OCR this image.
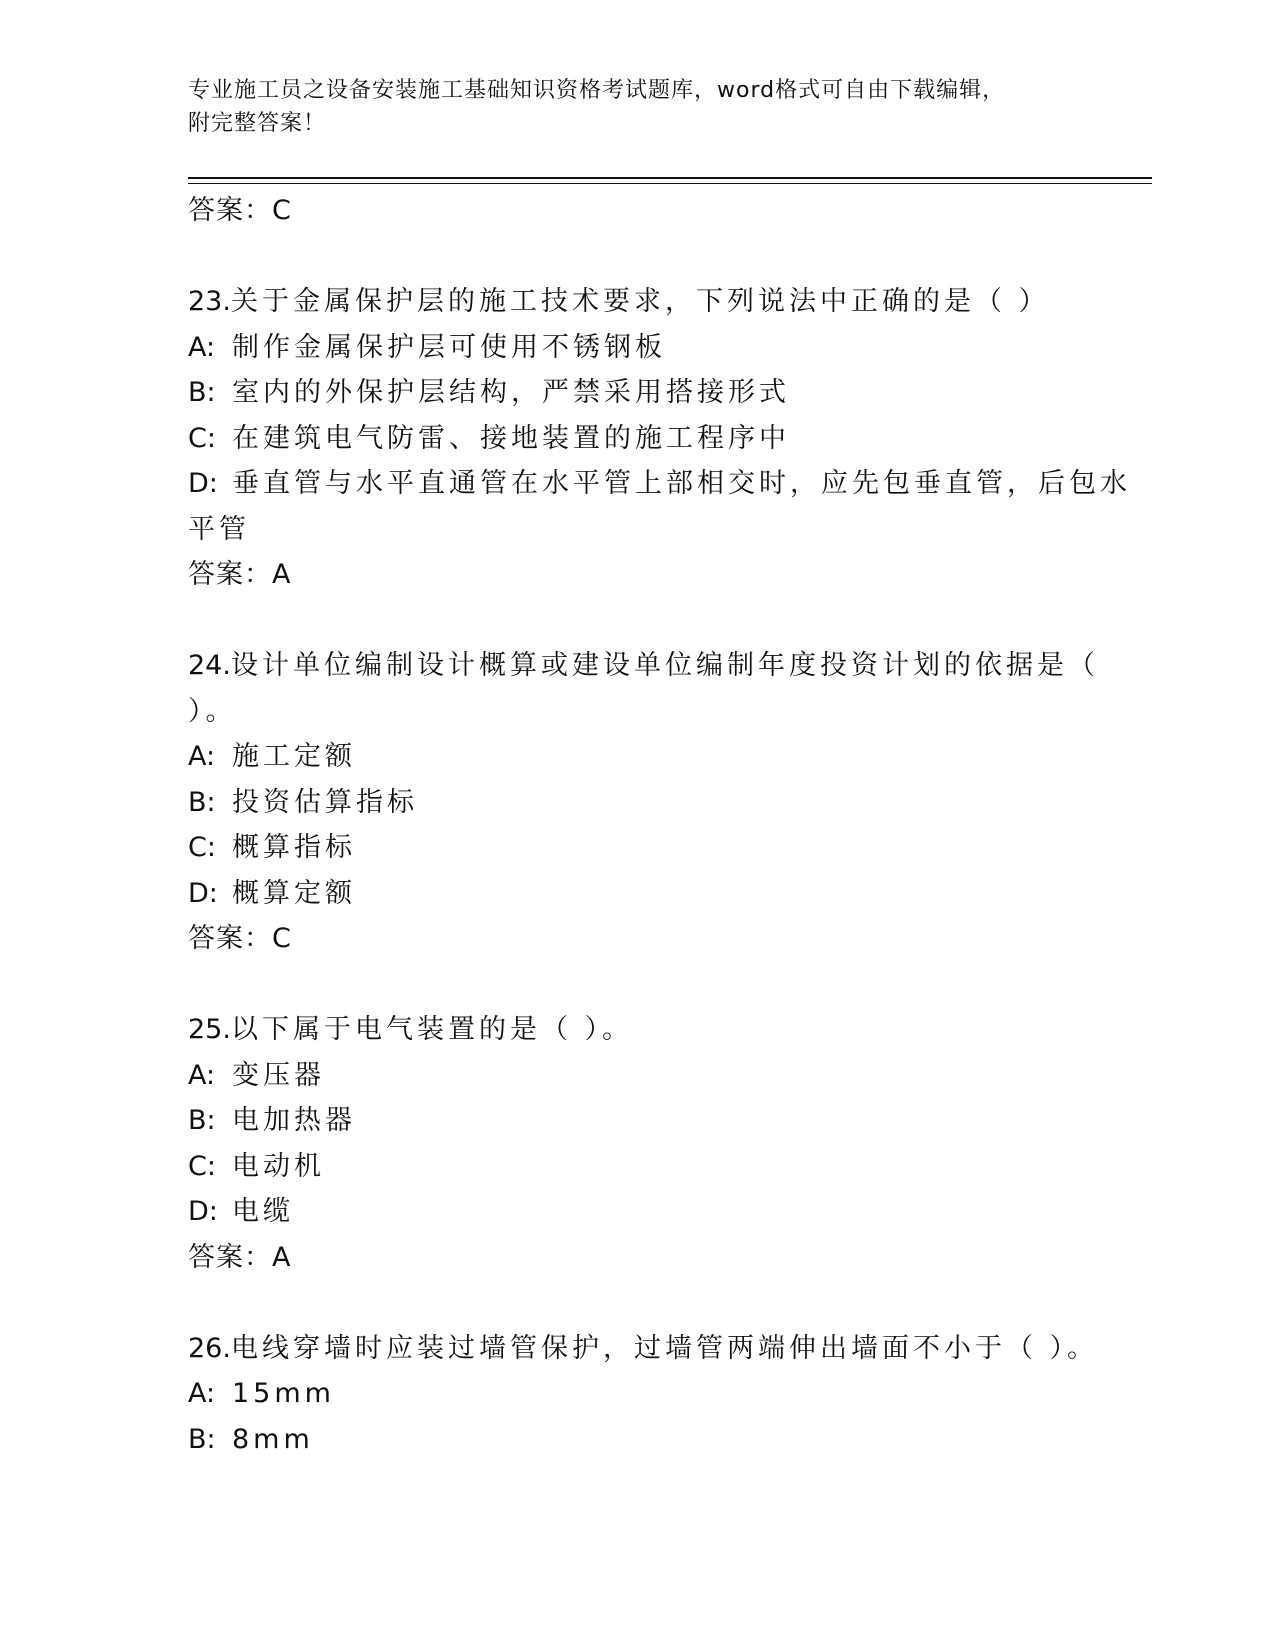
专业施工员之设备安装施工基础知识资格考试题库，word格式可自由下载编辑，
附完整答案！
答案：C
23.关于金属保护层的施工技术要求，下列说法中正确的是（ ）
A: 制作金属保护层可使用不锈钢板
B: 室内的外保护层结构，严禁采用搭接形式
C: 在建筑电气防雷、接地装置的施工程序中
D: 垂直管与水平直通管在水平管上部相交时，应先包垂直管，后包水
平管
答案：A
24.设计单位编制设计概算或建设单位编制年度投资计划的依据是（
）。
A: 施工定额
B: 投资估算指标
C: 概算指标
D: 概算定额
答案：C
25.以下属于电气装置的是（ ）。
A: 变压器
B: 电加热器
C: 电动机
D: 电缆
答案：A
26.电线穿墙时应装过墙管保护，过墙管两端伸出墙面不小于（ ）。
A: 15mm
B: 8mm
